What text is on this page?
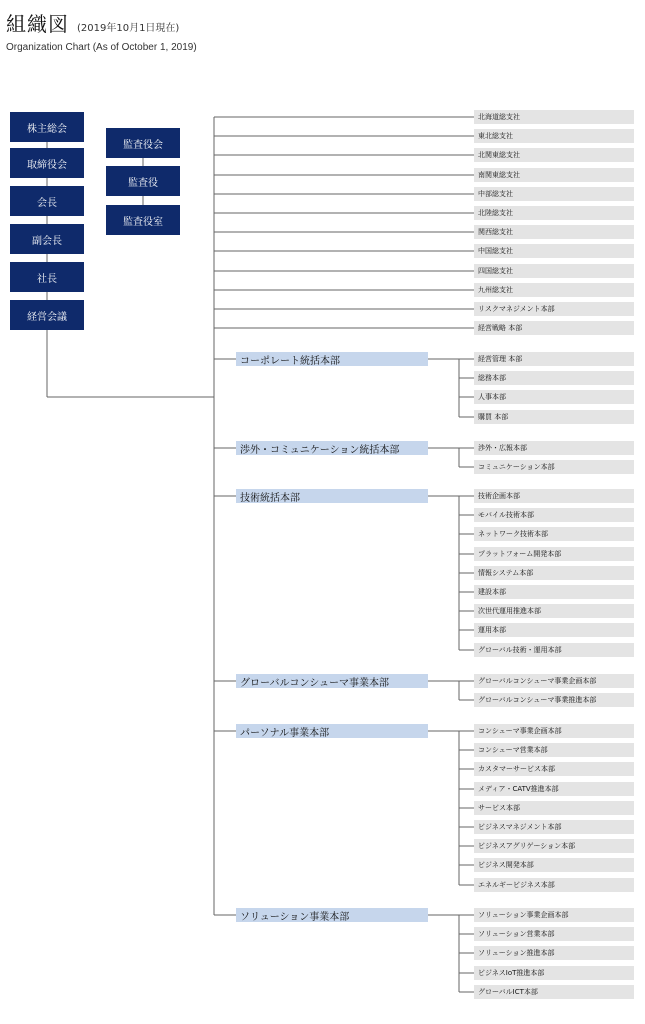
組織図 (2019年10月1日現在)
Organization Chart (As of October 1, 2019)
株主総会
取締役会
会長
副会長
社長
経営会議
監査役会
監査役
監査役室
北海道総支社
東北総支社
北関東総支社
南関東総支社
中部総支社
北陸総支社
関西総支社
中国総支社
四国総支社
九州総支社
リスクマネジメント本部
経営戦略 本部
コーポレート統括本部	経営管理 本部
総務本部
人事本部
購買 本部
渉外・コミュニケーション統括本部	渉外・広報本部
コミュニケーション本部
技術統括本部	技術企画本部
モバイル技術本部
ネットワーク技術本部
プラットフォーム開発本部
情報システム本部
建設本部
次世代運用推進本部
運用本部
グローバル技術・運用本部
グローバルコンシューマ事業本部	グローバルコンシューマ事業企画本部
グローバルコンシューマ事業推進本部
パーソナル事業本部	コンシューマ事業企画本部
コンシューマ営業本部
カスタマーサービス本部
メディア・CATV推進本部
サービス本部
ビジネスマネジメント本部
ビジネスアグリゲーション本部
ビジネス開発本部
エネルギービジネス本部
ソリューション事業本部	ソリューション事業企画本部
ソリューション営業本部
ソリューション推進本部
ビジネスIoT推進本部
グローバルICT本部
